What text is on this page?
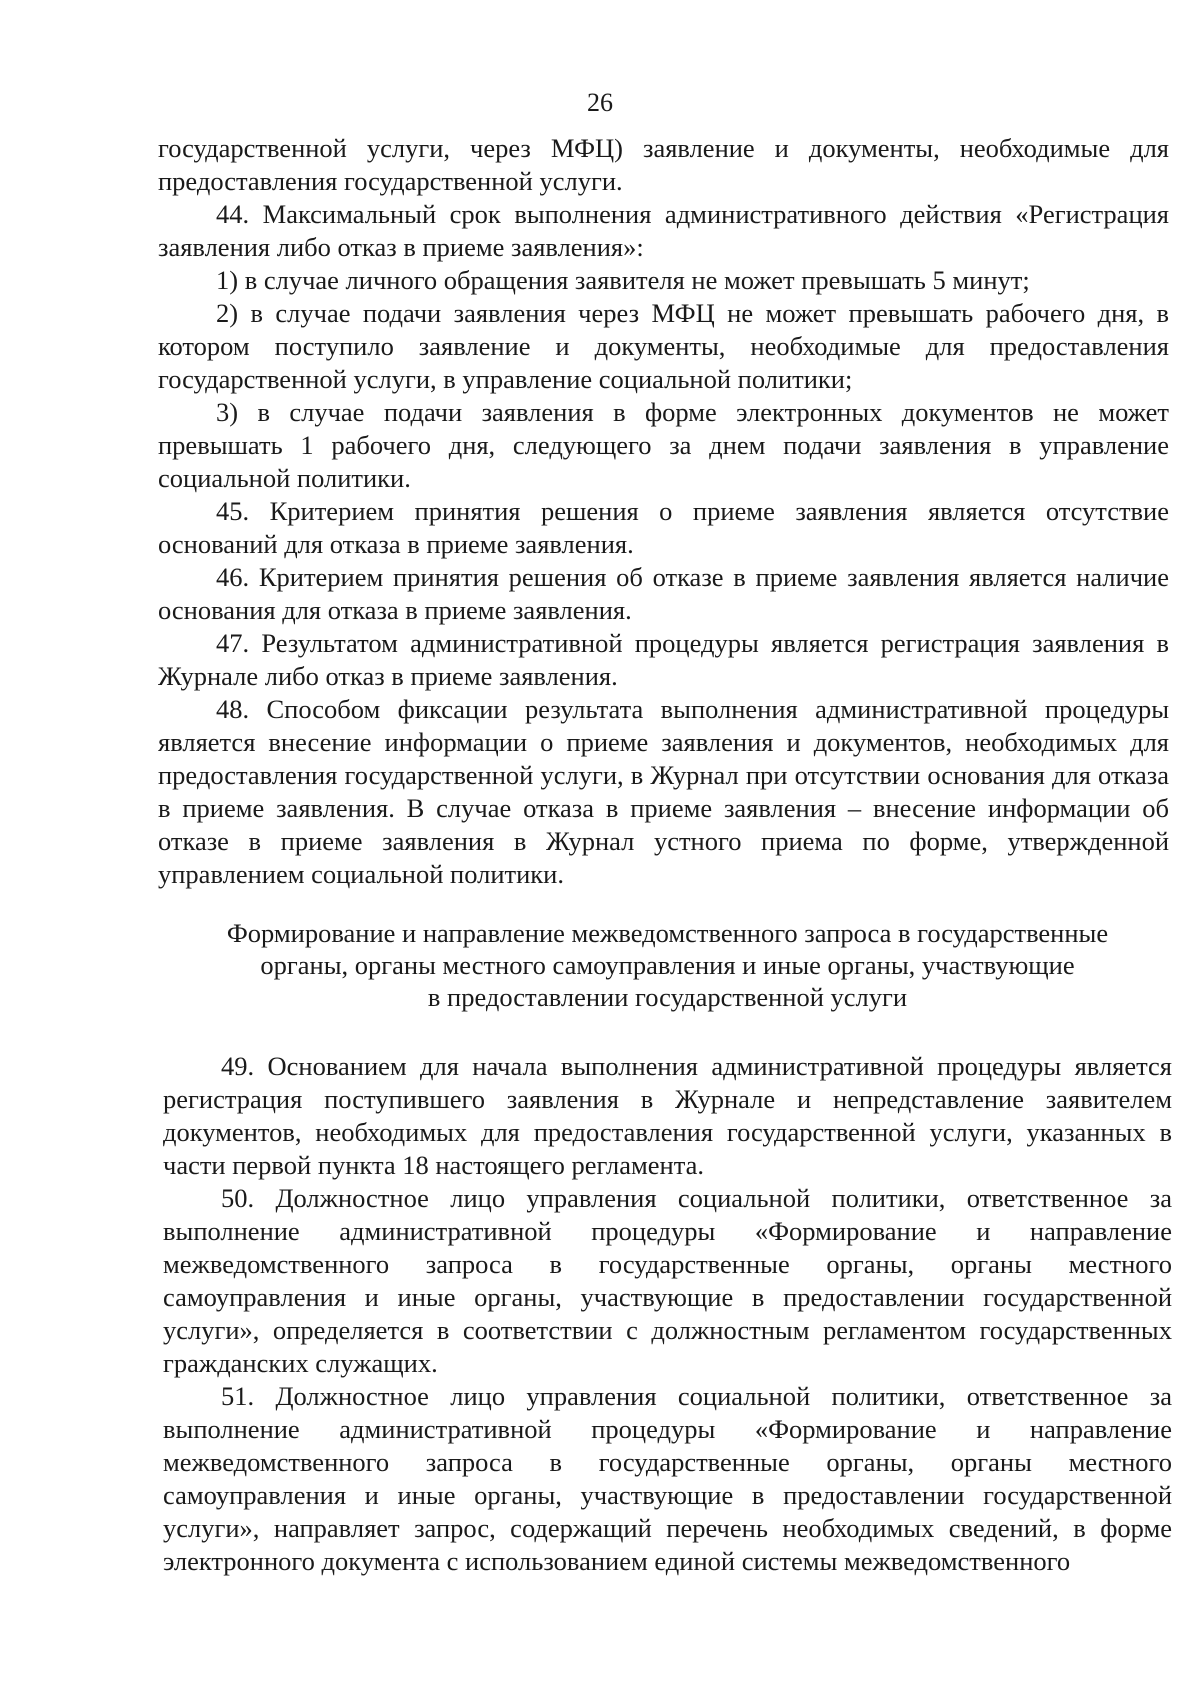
26

государственной услуги, через МФЦ) заявление и документы, необходимые для предоставления государственной услуги.

44. Максимальный срок выполнения административного действия «Регистрация заявления либо отказ в приеме заявления»:

1) в случае личного обращения заявителя не может превышать 5 минут;

2) в случае подачи заявления через МФЦ не может превышать рабочего дня, в котором поступило заявление и документы, необходимые для предоставления государственной услуги, в управление социальной политики;

3) в случае подачи заявления в форме электронных документов не может превышать 1 рабочего дня, следующего за днем подачи заявления в управление социальной политики.

45. Критерием принятия решения о приеме заявления является отсутствие оснований для отказа в приеме заявления.

46. Критерием принятия решения об отказе в приеме заявления является наличие основания для отказа в приеме заявления.

47. Результатом административной процедуры является регистрация заявления в Журнале либо отказ в приеме заявления.

48. Способом фиксации результата выполнения административной процедуры является внесение информации о приеме заявления и документов, необходимых для предоставления государственной услуги, в Журнал при отсутствии основания для отказа в приеме заявления. В случае отказа в приеме заявления – внесение информации об отказе в приеме заявления в Журнал устного приема по форме, утвержденной управлением социальной политики.

Формирование и направление межведомственного запроса в государственные
органы, органы местного самоуправления и иные органы, участвующие
в предоставлении государственной услуги

49. Основанием для начала выполнения административной процедуры является регистрация поступившего заявления в Журнале и непредставление заявителем документов, необходимых для предоставления государственной услуги, указанных в части первой пункта 18 настоящего регламента.

50. Должностное лицо управления социальной политики, ответственное за выполнение административной процедуры «Формирование и направление межведомственного запроса в государственные органы, органы местного самоуправления и иные органы, участвующие в предоставлении государственной услуги», определяется в соответствии с должностным регламентом государственных гражданских служащих.

51. Должностное лицо управления социальной политики, ответственное за выполнение административной процедуры «Формирование и направление межведомственного запроса в государственные органы, органы местного самоуправления и иные органы, участвующие в предоставлении государственной услуги», направляет запрос, содержащий перечень необходимых сведений, в форме электронного документа с использованием единой системы межведомственного
